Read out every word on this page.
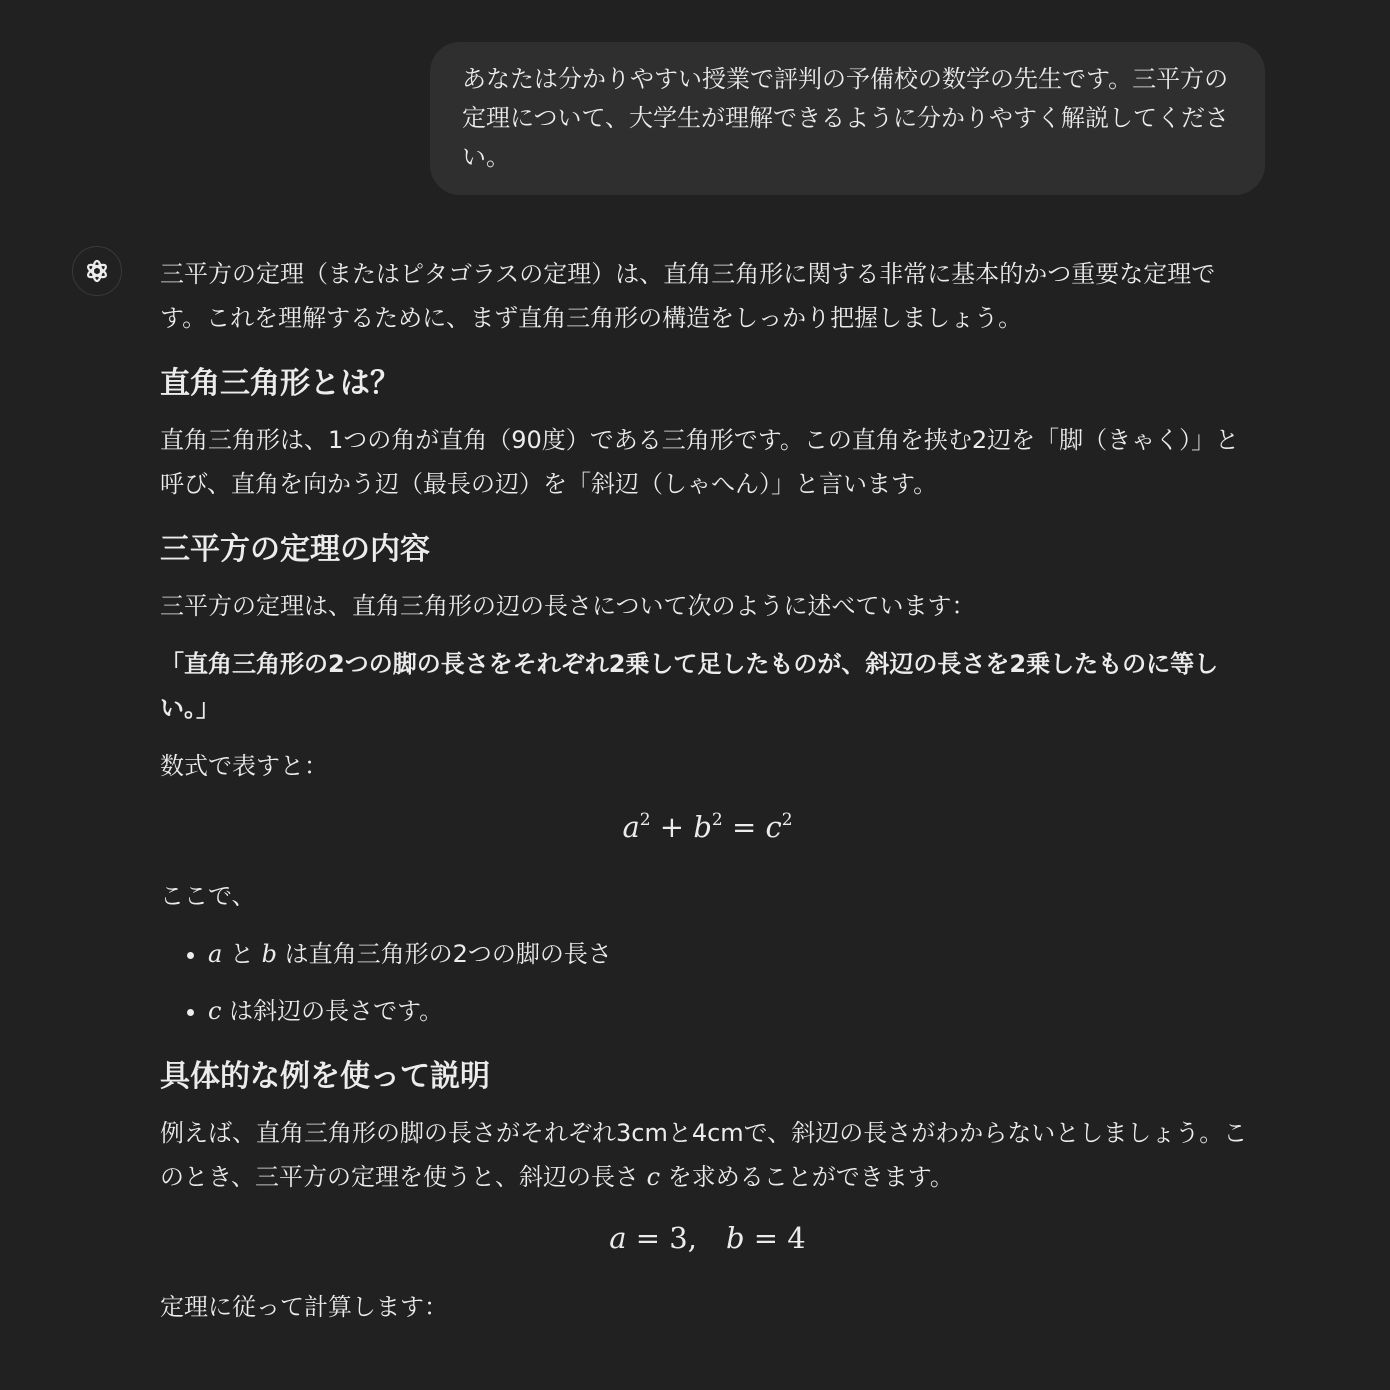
あなたは分かりやすい授業で評判の予備校の数学の先生です。三平方の定理について、大学生が理解できるように分かりやすく解説してください。

三平方の定理（またはピタゴラスの定理）は、直角三角形に関する非常に基本的かつ重要な定理です。これを理解するために、まず直角三角形の構造をしっかり把握しましょう。

直角三角形とは？

直角三角形は、1つの角が直角（90度）である三角形です。この直角を挟む2辺を「脚（きゃく）」と呼び、直角を向かう辺（最長の辺）を「斜辺（しゃへん）」と言います。

三平方の定理の内容

三平方の定理は、直角三角形の辺の長さについて次のように述べています：

「直角三角形の2つの脚の長さをそれぞれ2乗して足したものが、斜辺の長さを2乗したものに等しい。」

数式で表すと：

$a^2 + b^2 = c^2$

ここで、

• a と b は直角三角形の2つの脚の長さ
• c は斜辺の長さです。
具体的な例を使って説明

例えば、直角三角形の脚の長さがそれぞれ3cmと4cmで、斜辺の長さがわからないとしましょう。このとき、三平方の定理を使うと、斜辺の長さ c を求めることができます。

a = 3,  b = 4

定理に従って計算します：
